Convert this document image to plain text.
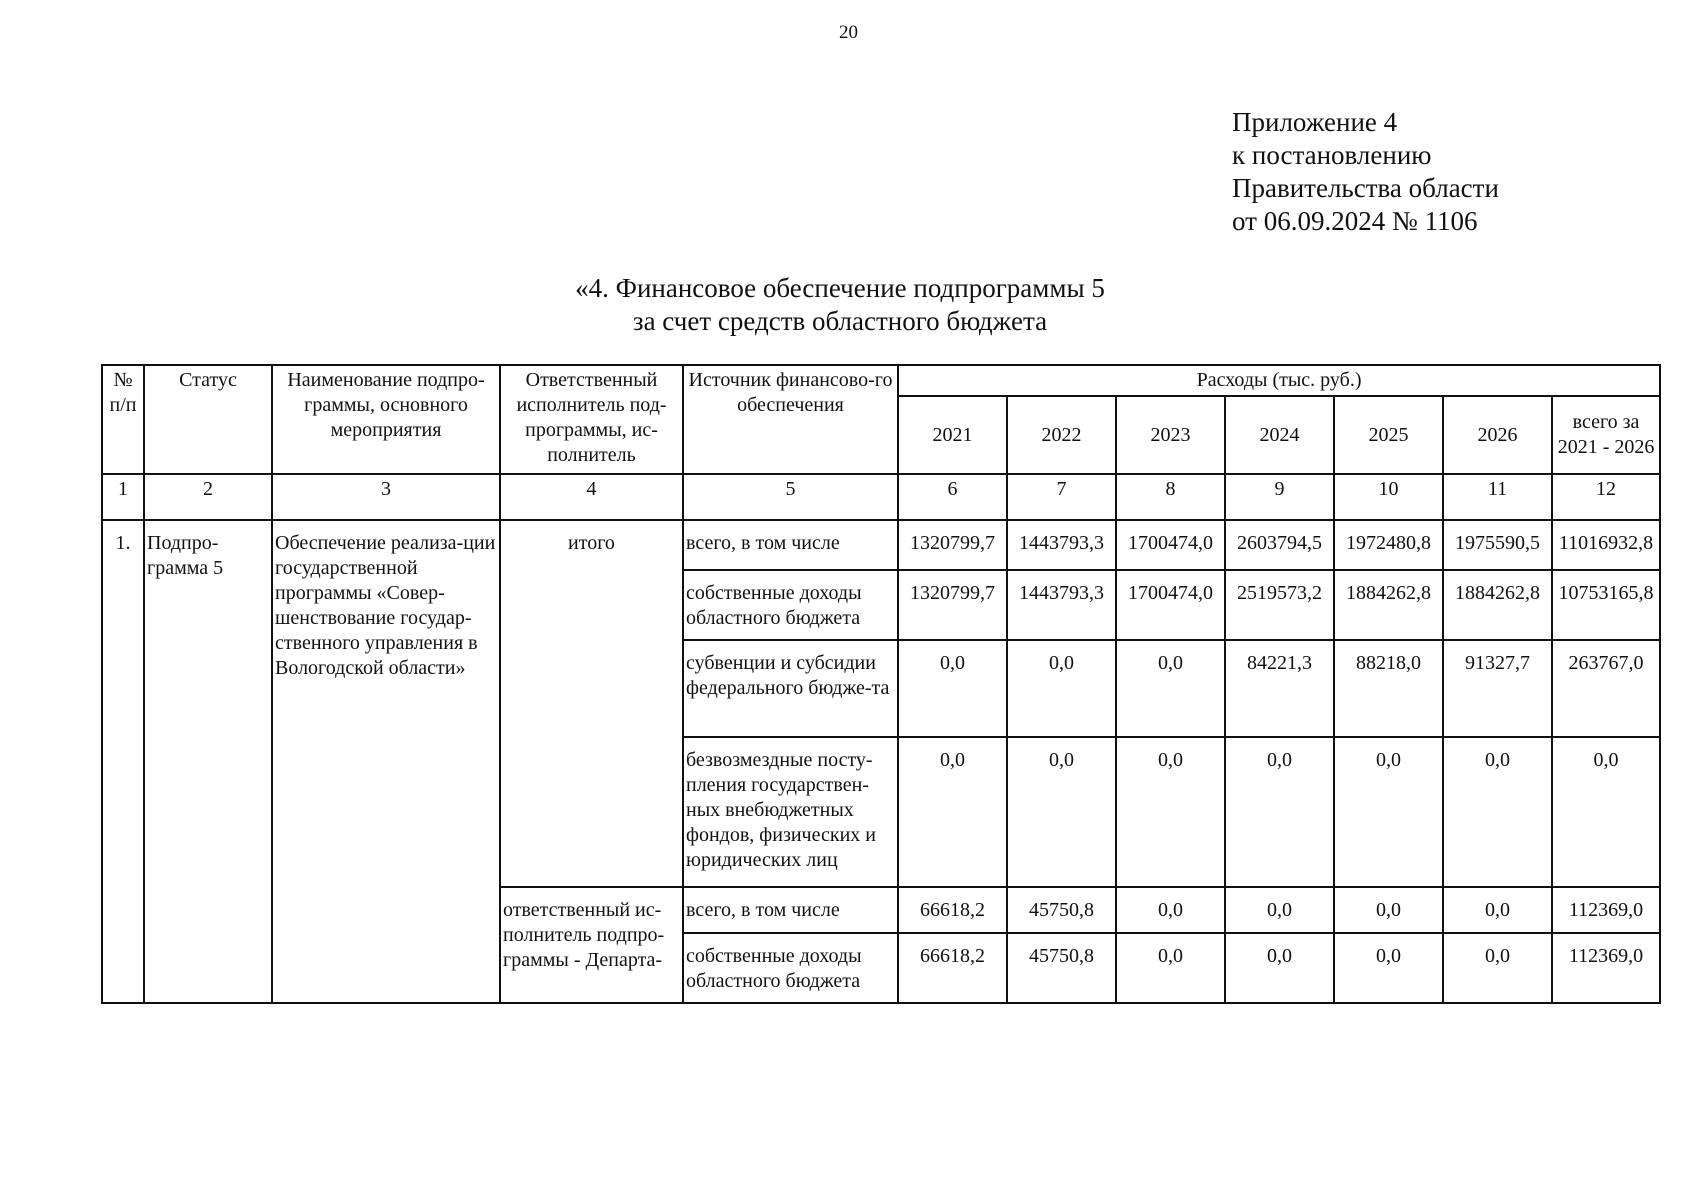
20
Приложение 4
к постановлению
Правительства области
от 06.09.2024 № 1106
«4. Финансовое обеспечение подпрограммы 5
за счет средств областного бюджета
№ п/п	Статус	Наименование подпро-граммы, основного мероприятия	Ответственный исполнитель под-программы, ис-полнитель	Источник финансово-го обеспечения	Расходы (тыс. руб.)						
					2021	2022	2023	2024	2025	2026	всего за 2021 - 2026
1	2	3	4	5	6	7	8	9	10	11	12
1.	Подпро-грамма 5	Обеспечение реализа-ции государственной программы «Совер-шенствование государ-ственного управления в Вологодской области»	итого	всего, в том числе	1320799,7	1443793,3	1700474,0	2603794,5	1972480,8	1975590,5	11016932,8
				собственные доходы областного бюджета	1320799,7	1443793,3	1700474,0	2519573,2	1884262,8	1884262,8	10753165,8
				субвенции и субсидии федерального бюдже-та	0,0	0,0	0,0	84221,3	88218,0	91327,7	263767,0
				безвозмездные посту-пления государствен-ных внебюджетных фондов, физических и юридических лиц	0,0	0,0	0,0	0,0	0,0	0,0	0,0
			ответственный ис-полнитель подпро-граммы - Департа-	всего, в том числе	66618,2	45750,8	0,0	0,0	0,0	0,0	112369,0
				собственные доходы областного бюджета	66618,2	45750,8	0,0	0,0	0,0	0,0	112369,0
